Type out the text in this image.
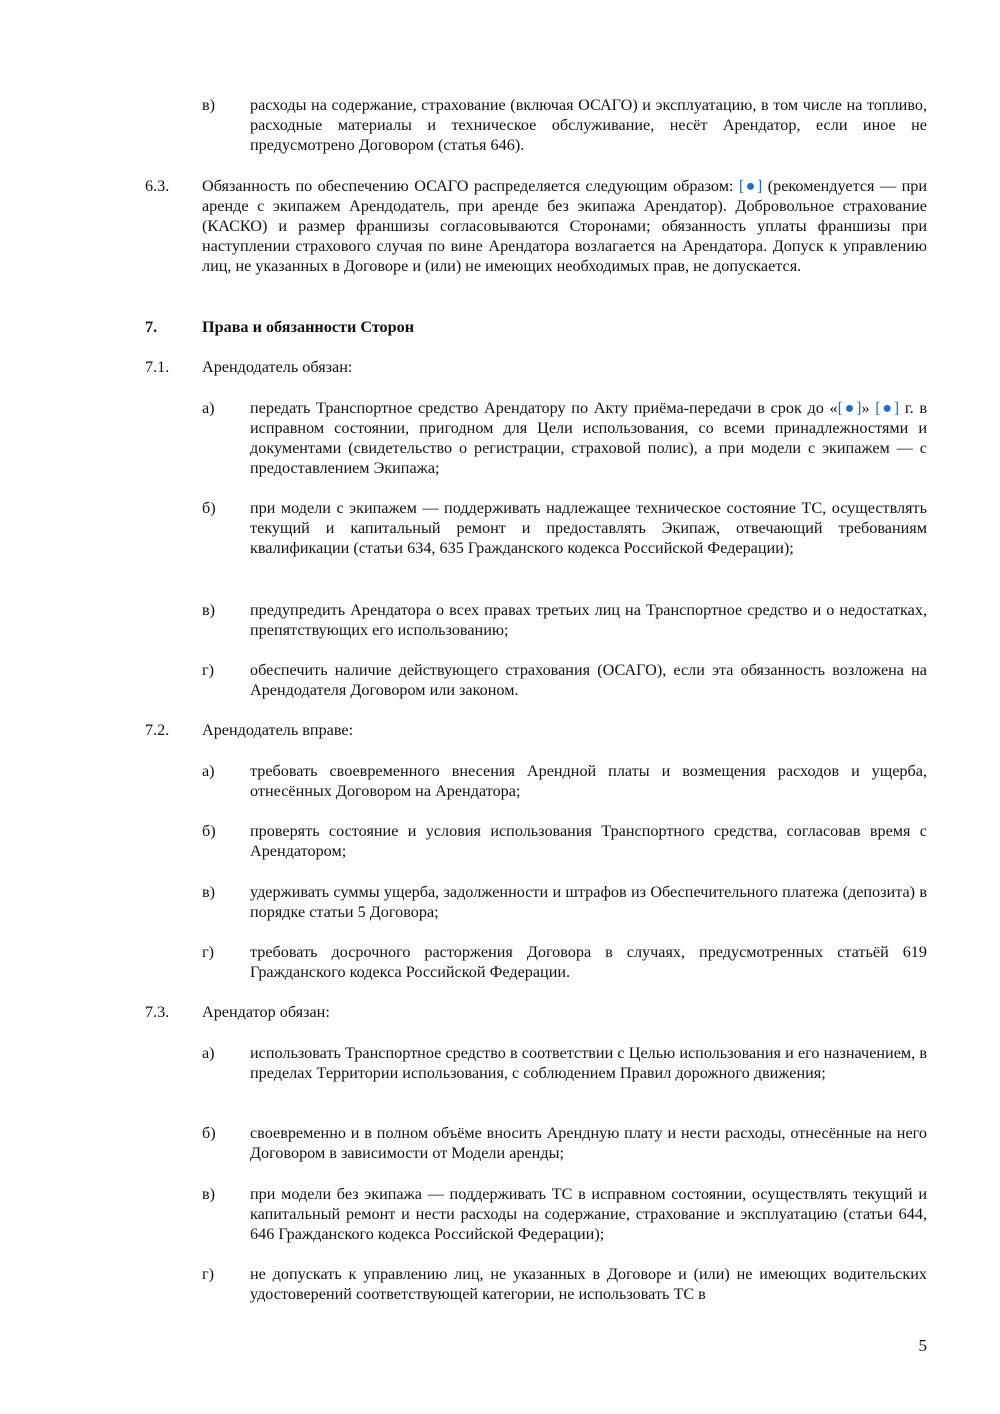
в) расходы на содержание, страхование (включая ОСАГО) и эксплуатацию, в том числе на топливо, расходные материалы и техническое обслуживание, несёт Арендатор, если иное не предусмотрено Договором (статья 646).
6.3. Обязанность по обеспечению ОСАГО распределяется следующим образом: [●] (рекомендуется — при аренде с экипажем Арендодатель, при аренде без экипажа Арендатор). Добровольное страхование (КАСКО) и размер франшизы согласовываются Сторонами; обязанность уплаты франшизы при наступлении страхового случая по вине Арендатора возлагается на Арендатора. Допуск к управлению лиц, не указанных в Договоре и (или) не имеющих необходимых прав, не допускается.
7.	Права и обязанности Сторон
7.1. Арендодатель обязан:
а) передать Транспортное средство Арендатору по Акту приёма-передачи в срок до «[●]» [●] г. в исправном состоянии, пригодном для Цели использования, со всеми принадлежностями и документами (свидетельство о регистрации, страховой полис), а при модели с экипажем — с предоставлением Экипажа;
б) при модели с экипажем — поддерживать надлежащее техническое состояние ТС, осуществлять текущий и капитальный ремонт и предоставлять Экипаж, отвечающий требованиям квалификации (статьи 634, 635 Гражданского кодекса Российской Федерации);
в) предупредить Арендатора о всех правах третьих лиц на Транспортное средство и о недостатках, препятствующих его использованию;
г) обеспечить наличие действующего страхования (ОСАГО), если эта обязанность возложена на Арендодателя Договором или законом.
7.2. Арендодатель вправе:
а) требовать своевременного внесения Арендной платы и возмещения расходов и ущерба, отнесённых Договором на Арендатора;
б) проверять состояние и условия использования Транспортного средства, согласовав время с Арендатором;
в) удерживать суммы ущерба, задолженности и штрафов из Обеспечительного платежа (депозита) в порядке статьи 5 Договора;
г) требовать досрочного расторжения Договора в случаях, предусмотренных статьёй 619 Гражданского кодекса Российской Федерации.
7.3. Арендатор обязан:
а) использовать Транспортное средство в соответствии с Целью использования и его назначением, в пределах Территории использования, с соблюдением Правил дорожного движения;
б) своевременно и в полном объёме вносить Арендную плату и нести расходы, отнесённые на него Договором в зависимости от Модели аренды;
в) при модели без экипажа — поддерживать ТС в исправном состоянии, осуществлять текущий и капитальный ремонт и нести расходы на содержание, страхование и эксплуатацию (статьи 644, 646 Гражданского кодекса Российской Федерации);
г) не допускать к управлению лиц, не указанных в Договоре и (или) не имеющих водительских удостоверений соответствующей категории, не использовать ТС в
5
